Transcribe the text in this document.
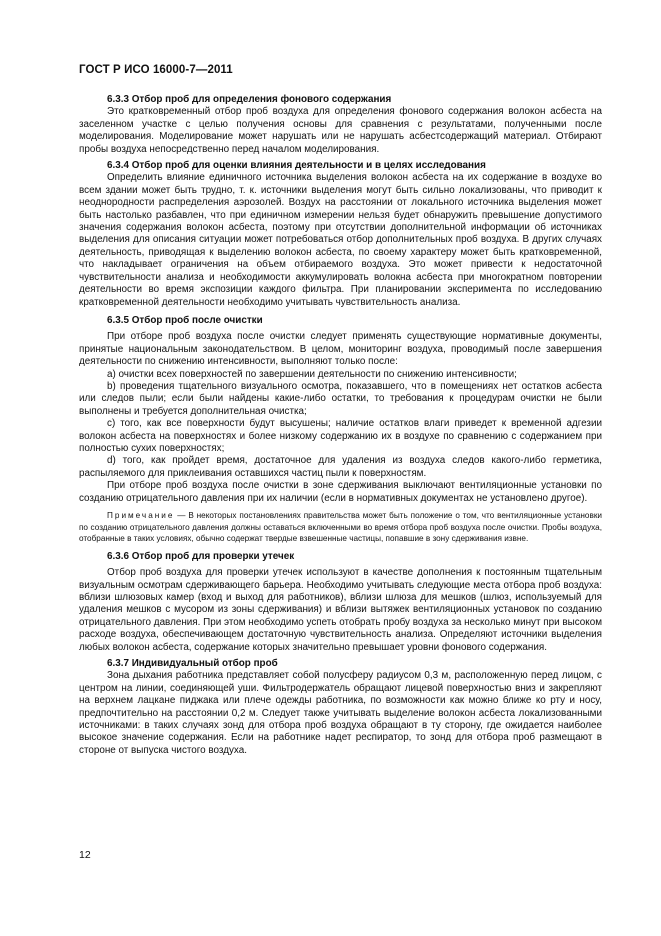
ГОСТ Р ИСО 16000-7—2011

6.3.3 Отбор проб для определения фонового содержания

Это кратковременный отбор проб воздуха для определения фонового содержания волокон асбеста на заселенном участке с целью получения основы для сравнения с результатами, полученными после моделирования. Моделирование может нарушать или не нарушать асбестсодержащий материал. Отбирают пробы воздуха непосредственно перед началом моделирования.

6.3.4 Отбор проб для оценки влияния деятельности и в целях исследования

Определить влияние единичного источника выделения волокон асбеста на их содержание в воздухе во всем здании может быть трудно, т. к. источники выделения могут быть сильно локализованы, что приводит к неоднородности распределения аэрозолей. Воздух на расстоянии от локального источника выделения может быть настолько разбавлен, что при единичном измерении нельзя будет обнаружить превышение допустимого значения содержания волокон асбеста, поэтому при отсутствии дополнительной информации об источниках выделения для описания ситуации может потребоваться отбор дополнительных проб воздуха. В других случаях деятельность, приводящая к выделению волокон асбеста, по своему характеру может быть кратковременной, что накладывает ограничения на объем отбираемого воздуха. Это может привести к недостаточной чувствительности анализа и необходимости аккумулировать волокна асбеста при многократном повторении деятельности во время экспозиции каждого фильтра. При планировании эксперимента по исследованию кратковременной деятельности необходимо учитывать чувствительность анализа.

6.3.5 Отбор проб после очистки

При отборе проб воздуха после очистки следует применять существующие нормативные документы, принятые национальным законодательством. В целом, мониторинг воздуха, проводимый после завершения деятельности по снижению интенсивности, выполняют только после:

а) очистки всех поверхностей по завершении деятельности по снижению интенсивности;

b) проведения тщательного визуального осмотра, показавшего, что в помещениях нет остатков асбеста или следов пыли; если были найдены какие-либо остатки, то требования к процедурам очистки не были выполнены и требуется дополнительная очистка;

с) того, как все поверхности будут высушены; наличие остатков влаги приведет к временной адгезии волокон асбеста на поверхностях и более низкому содержанию их в воздухе по сравнению с содержанием при полностью сухих поверхностях;

d) того, как пройдет время, достаточное для удаления из воздуха следов какого-либо герметика, распыляемого для приклеивания оставшихся частиц пыли к поверхностям.

При отборе проб воздуха после очистки в зоне сдерживания выключают вентиляционные установки по созданию отрицательного давления при их наличии (если в нормативных документах не установлено другое).

Примечание — В некоторых постановлениях правительства может быть положение о том, что вентиляционные установки по созданию отрицательного давления должны оставаться включенными во время отбора проб воздуха после очистки. Пробы воздуха, отобранные в таких условиях, обычно содержат твердые взвешенные частицы, попавшие в зону сдерживания извне.

6.3.6 Отбор проб для проверки утечек

Отбор проб воздуха для проверки утечек используют в качестве дополнения к постоянным тщательным визуальным осмотрам сдерживающего барьера. Необходимо учитывать следующие места отбора проб воздуха: вблизи шлюзовых камер (вход и выход для работников), вблизи шлюза для мешков (шлюз, используемый для удаления мешков с мусором из зоны сдерживания) и вблизи вытяжек вентиляционных установок по созданию отрицательного давления. При этом необходимо успеть отобрать пробу воздуха за несколько минут при высоком расходе воздуха, обеспечивающем достаточную чувствительность анализа. Определяют источники выделения любых волокон асбеста, содержание которых значительно превышает уровни фонового содержания.

6.3.7 Индивидуальный отбор проб

Зона дыхания работника представляет собой полусферу радиусом 0,3 м, расположенную перед лицом, с центром на линии, соединяющей уши. Фильтродержатель обращают лицевой поверхностью вниз и закрепляют на верхнем лацкане пиджака или плече одежды работника, по возможности как можно ближе ко рту и носу, предпочтительно на расстоянии 0,2 м. Следует также учитывать выделение волокон асбеста локализованными источниками: в таких случаях зонд для отбора проб воздуха обращают в ту сторону, где ожидается наиболее высокое значение содержания. Если на работнике надет респиратор, то зонд для отбора проб размещают в стороне от выпуска чистого воздуха.

12
